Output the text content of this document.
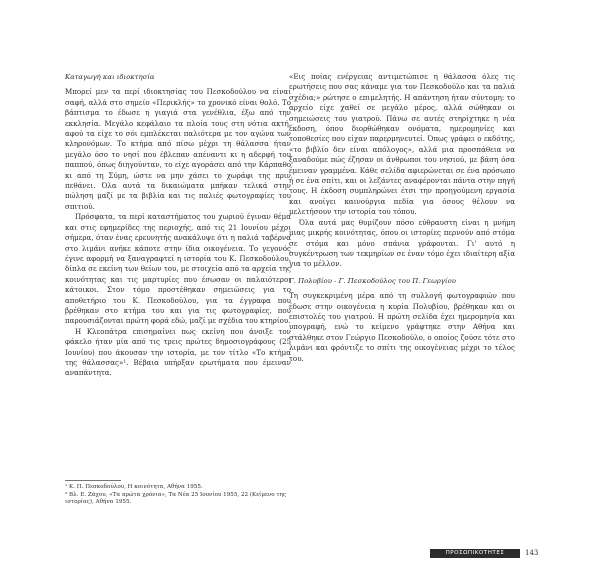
Καταγωγή και ιδιοκτησία

Μπορεί μεν τα περί ιδιοκτησίας του Πεσκοδούλου να είναι σαφή, αλλά στο σημείο «Περικλής» το χρονικό είναι θολό. Το βάπτισμα το έδωσε η γιαγιά στα γενέθλια, έξω από την εκκλησία. Μεγάλο κεφάλαιο τα πλοία τους στη νότια ακτή, αφού τα είχε το σόι εμπλέκεται παλιότερα με τον αγώνα των κληρονόμων. Το κτήμα από πίσω μέχρι τη θάλασσα ήταν μεγάλο όσο το νησί που έβλεπαν απέναντι κι η αδερφή του παππού, όπως διηγούνταν, το είχε αγοράσει από την Κάρπαθο κι από τη Σύμη, ώστε να μην χάσει το χωράφι της πριν πεθάνει. Όλα αυτά τα δικαιώματα μπήκαν τελικά στην πώληση μαζί με τα βιβλία και τις παλιές φωτογραφίες του σπιτιού.

Πρόσφατα, τα περί καταστήματος του χωριού έγιναν θέμα και στις εφημερίδες της περιοχής, από τις 21 Ιουνίου μέχρι σήμερα, όταν ένας ερευνητής ανακάλυψε ότι η παλιά ταβέρνα στο λιμάνι ανήκε κάποτε στην ίδια οικογένεια. Το γεγονός έγινε αφορμή να ξαναγραφτεί η ιστορία του Κ. Πεσκοδούλου, δίπλα σε εκείνη των θείων του, με στοιχεία από τα αρχεία της κοινότητας και τις μαρτυρίες που έσωσαν οι παλαιότεροι κάτοικοι. Στον τόμο προστέθηκαν σημειώσεις για το αποθετήριο του Κ. Πεσκοδούλου, για τα έγγραφα που βρέθηκαν στο κτήμα του και για τις φωτογραφίες, που παρουσιάζονται πρώτη φορά εδώ, μαζί με σχέδια του κτηρίου.

Η Κλεοπάτρα επισημαίνει πως εκείνη που άνοιξε τον φάκελο ήταν μία από τις τρεις πρώτες δημοσιογράφους (25 Ιουνίου) που άκουσαν την ιστορία, με τον τίτλο «Το κτήμα της θάλασσας»¹. Βέβαια υπήρξαν ερωτήματα που έμειναν αναπάντητα.

¹ Κ. Π. Πεσκοδούλου, Η κοινότητα, Αθήνα 1955.

² Βλ. Ε. Ζάχου, «Τα πρώτα χρόνια», Τα Νέα 25 Ιουνίου 1955, 22 (Κείμενο της ιστορίας), Αθήνα 1955.

«Εις ποίας ενέργειας αντιμετώπισε η θάλασσα όλες τις ερωτήσεις που σας κάναμε για τον Πεσκοδούλο και τα παλιά σχέδια;» ρώτησε ο επιμελητής. Η απάντηση ήταν σύντομη: το αρχείο είχε χαθεί σε μεγάλο μέρος, αλλά σώθηκαν οι σημειώσεις του γιατρού. Πάνω σε αυτές στηρίχτηκε η νέα έκδοση, όπου διορθώθηκαν ονόματα, ημερομηνίες και τοποθεσίες που είχαν παρερμηνευτεί. Όπως γράφει ο εκδότης, «το βιβλίο δεν είναι απόλογος», αλλά μια προσπάθεια να ξαναδούμε πώς έζησαν οι άνθρωποι του νησιού, με βάση όσα έμειναν γραμμένα. Κάθε σελίδα αφιερώνεται σε ένα πρόσωπο ή σε ένα σπίτι, και οι λεζάντες αναφέρονται πάντα στην πηγή τους. Η έκδοση συμπληρώνει έτσι την προηγούμενη εργασία και ανοίγει καινούργια πεδία για όσους θέλουν να μελετήσουν την ιστορία του τόπου.

Όλα αυτά μας θυμίζουν πόσο εύθραυστη είναι η μνήμη μιας μικρής κοινότητας, όπου οι ιστορίες περνούν από στόμα σε στόμα και μόνο σπάνια γράφονται. Γι' αυτό η συγκέντρωση των τεκμηρίων σε έναν τόμο έχει ιδιαίτερη αξία για το μέλλον.

Γ. Πολυβίου - Γ. Πεσκοδούλος του Π. Γεωργίου

Τη συγκεκριμένη μέρα από τη συλλογή φωτογραφιών που έδωσε στην οικογένεια η κυρία Πολυβίου, βρέθηκαν και οι επιστολές του γιατρού. Η πρώτη σελίδα έχει ημερομηνία και υπογραφή, ενώ το κείμενο γράφτηκε στην Αθήνα και στάλθηκε στον Γεώργιο Πεσκοδούλο, ο οποίος ζούσε τότε στο λιμάνι και φρόντιζε το σπίτι της οικογένειας μέχρι το τέλος του.

ΠΡΟΣΩΠΙΚΟΤΗΤΕΣ	143
